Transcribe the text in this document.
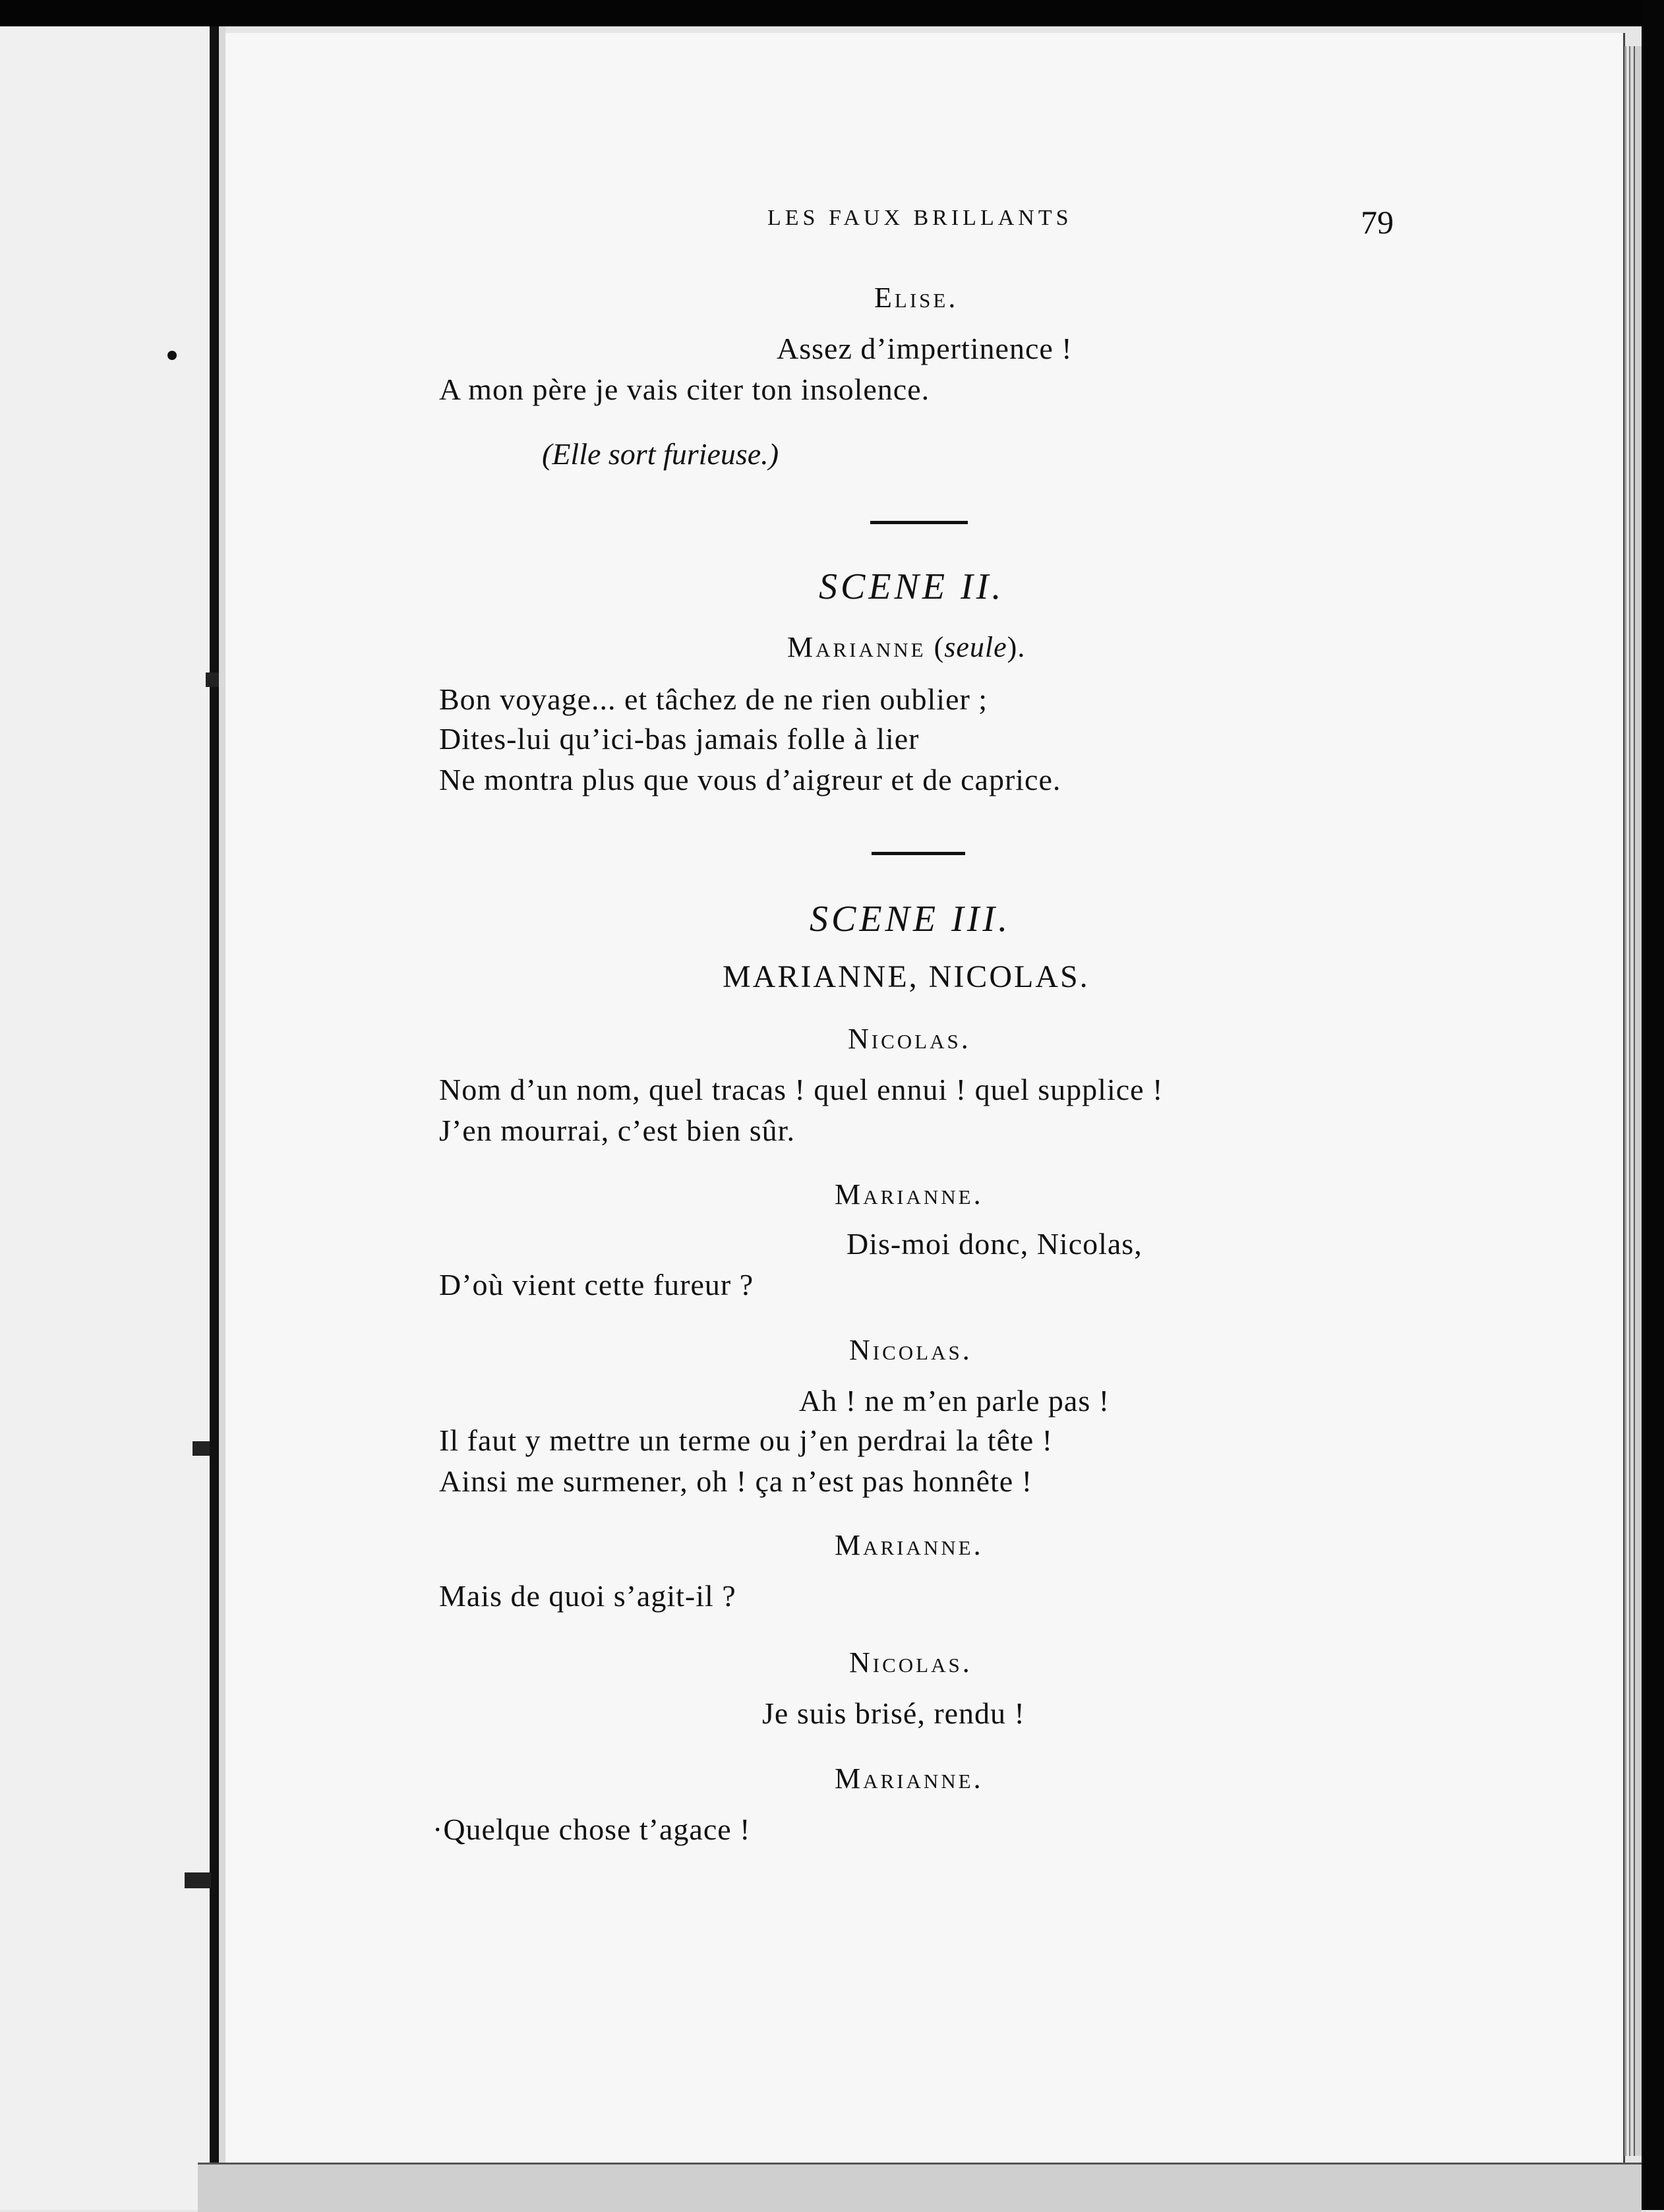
LES FAUX BRILLANTS	79
Elise.
Assez d’impertinence !
A mon père je vais citer ton insolence.
(Elle sort furieuse.)
SCENE II.
Marianne (seule).
Bon voyage... et tâchez de ne rien oublier ;
Dites-lui qu’ici-bas jamais folle à lier
Ne montra plus que vous d’aigreur et de caprice.
SCENE III.
MARIANNE, NICOLAS.
Nicolas.
Nom d’un nom, quel tracas ! quel ennui ! quel supplice !
J’en mourrai, c’est bien sûr.
Marianne.
Dis-moi donc, Nicolas,
D’où vient cette fureur ?
Nicolas.
Ah ! ne m’en parle pas !
Il faut y mettre un terme ou j’en perdrai la tête !
Ainsi me surmener, oh ! ça n’est pas honnête !
Marianne.
Mais de quoi s’agit-il ?
Nicolas.
Je suis brisé, rendu !
Marianne.
·Quelque chose t’agace !
